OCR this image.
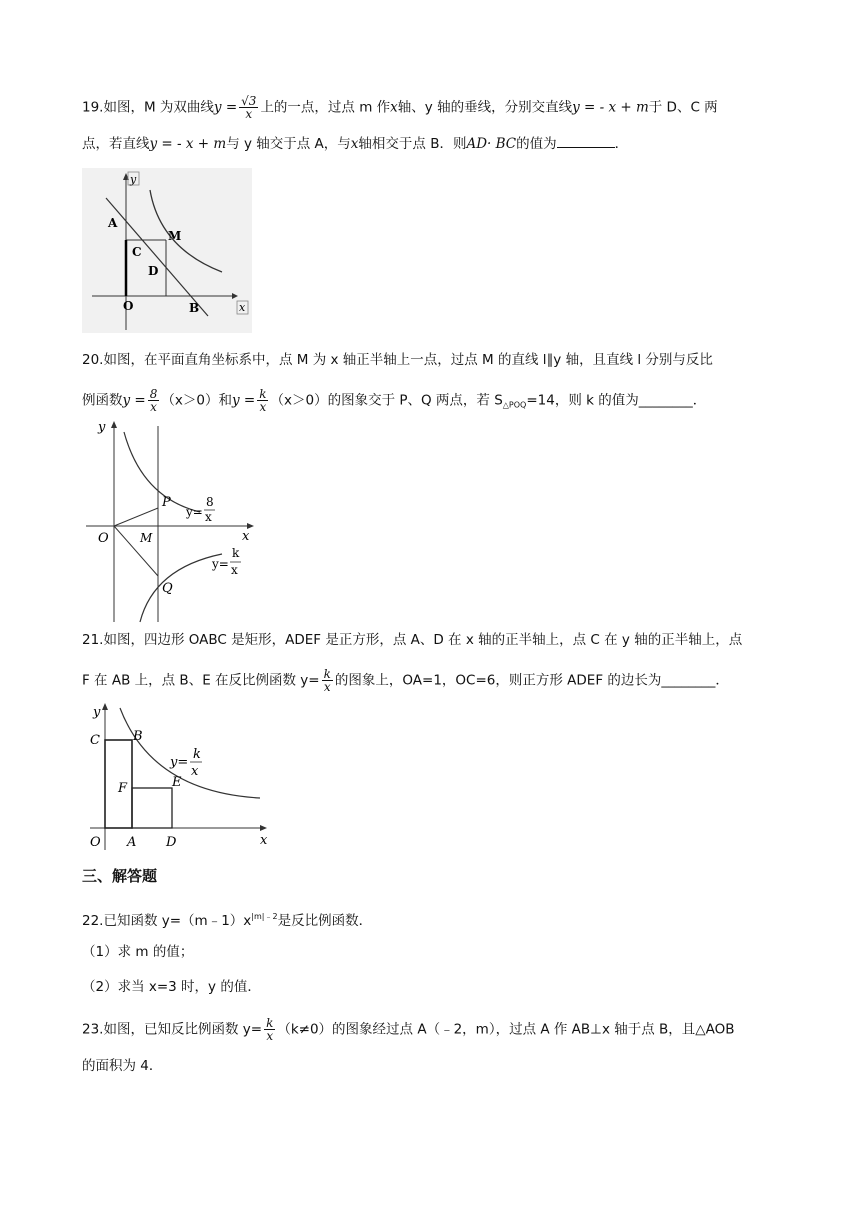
19.如图，M 为双曲线$y = \frac{√3}{x}$ 上的一点，过点 m 作x轴、y 轴的垂线，分别交直线y = - x + m于 D、C 两
点，若直线y = - x + m与 y 轴交于点 A，与x轴相交于点 B．则AD· BC的值为	．
y
x
A
C
M
D
O	B
20.如图，在平面直角坐标系中，点 M 为 x 轴正半轴上一点，过点 M 的直线 l∥y 轴，且直线 l 分别与反比
例函数$y = \frac{8}{x} (x>0)$和$y = \frac{k}{x} (x>0)$的图象交于 P、Q 两点，若 $S_{\triangle POQ}=14$，则 k 的值为________．
y
x
O	M
P
Q
y=
8
x
y=
k
x
21.如图，四边形 OABC 是矩形，ADEF 是正方形，点 A、D 在 x 轴的正半轴上，点 C 在 y 轴的正半轴上，点
F 在 AB 上，点 B、E 在反比例函数 $y= \frac{k}{x}$ 的图象上，OA=1，OC=6，则正方形 ADEF 的边长为________．
y
x
O A D
C	B
F	E
y=
k
x
三、解答题
22.已知函数 $y=(m﹣1)x^{|m|﹣2}$是反比例函数．
（1）求 m 的值；
（2）求当 x=3 时，y 的值．
23.如图，已知反比例函数 $y= \frac{k}{x} (k\ne 0)$的图象经过点 A（﹣2，m），过点 A 作 AB⊥x 轴于点 B，且△AOB
的面积为 4．
